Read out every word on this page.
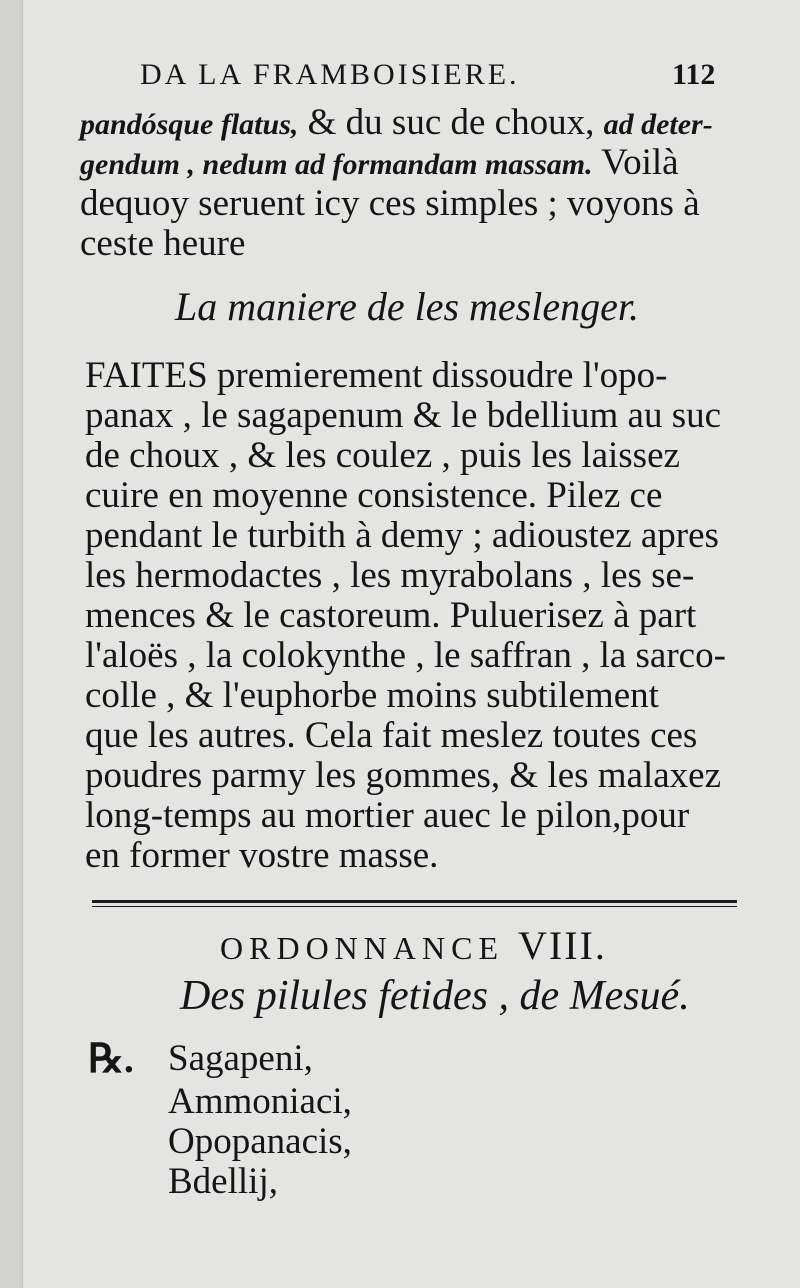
DA LA FRAMBOISIERE.	112
pandósque flatus, & du suc de choux, ad deter-
gendum , nedum ad formandam massam. Voilà
dequoy seruent icy ces simples ; voyons à
ceste heure
La maniere de les meslenger.
FAITES premierement dissoudre l'opo-
panax , le sagapenum & le bdellium au suc
de choux , & les coulez , puis les laissez
cuire en moyenne consistence. Pilez ce
pendant le turbith à demy ; adioustez apres
les hermodactes , les myrabolans , les se-
mences & le castoreum. Puluerisez à part
l'aloës , la colokynthe , le saffran , la sarco-
colle , & l'euphorbe moins subtilement
que les autres. Cela fait meslez toutes ces
poudres parmy les gommes, & les malaxez
long-temps au mortier auec le pilon,pour
en former vostre masse.
ORDONNANCE VIII.
Des pilules fetides , de Mesué.
℞. Sagapeni,
Ammoniaci,
Opopanacis,
Bdellij,
